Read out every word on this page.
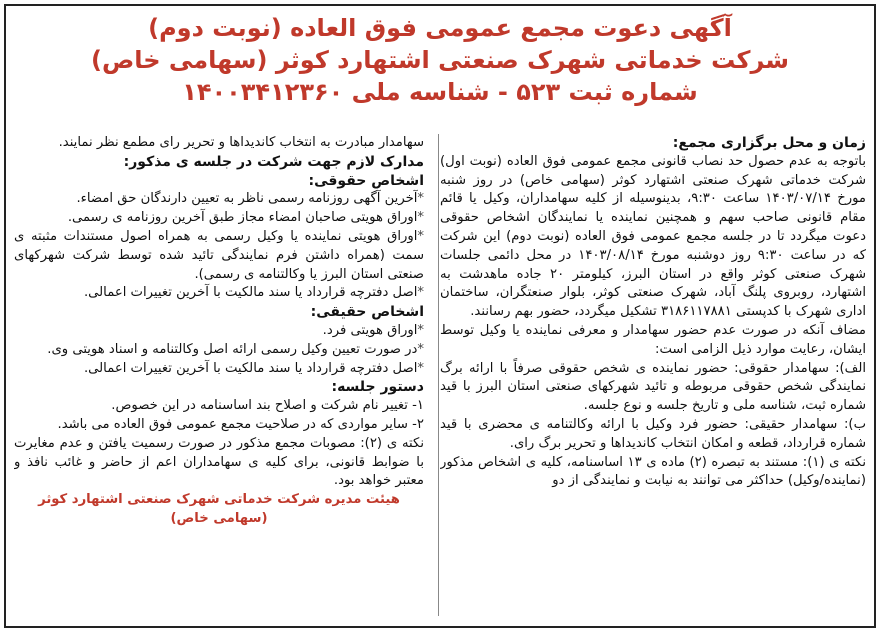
آگهی دعوت مجمع عمومی فوق العاده (نوبت دوم)
شرکت خدماتی شهرک صنعتی اشتهارد کوثر (سهامی خاص)
شماره ثبت ۵۲۳ - شناسه ملی ۱۴۰۰۳۴۱۲۳۶۰

زمان و محل برگزاری مجمع:

باتوجه به عدم حصول حد نصاب قانونی مجمع عمومی فوق العاده (نوبت اول) شرکت خدماتی شهرک صنعتی اشتهارد کوثر (سهامی خاص) در روز شنبه مورخ ۱۴۰۳/۰۷/۱۴ ساعت ۹:۳۰، بدینوسیله از کلیه سهامداران، وکیل یا قائم مقام قانونی صاحب سهم و همچنین نماینده یا نمایندگان اشخاص حقوقی دعوت میگردد تا در جلسه مجمع عمومی فوق العاده (نوبت دوم) این شرکت که در ساعت ۹:۳۰ روز دوشنبه مورخ ۱۴۰۳/۰۸/۱۴ در محل دائمی جلسات شهرک صنعتی کوثر واقع در استان البرز، کیلومتر ۲۰ جاده ماهدشت به اشتهارد، روبروی پلنگ آباد، شهرک صنعتی کوثر، بلوار صنعتگران، ساختمان اداری شهرک با کدپستی ۳۱۸۶۱۱۷۸۸۱ تشکیل میگردد، حضور بهم رسانند.

مضاف آنکه در صورت عدم حضور سهامدار و معرفی نماینده یا وکیل توسط ایشان، رعایت موارد ذیل الزامی است:

الف): سهامدار حقوقی: حضور نماینده ی شخص حقوقی صرفاً با ارائه برگ نمایندگی شخص حقوقی مربوطه و تائید شهرکهای صنعتی استان البرز با قید شماره ثبت، شناسه ملی و تاریخ جلسه و نوع جلسه.

ب): سهامدار حقیقی: حضور فرد وکیل با ارائه وکالتنامه ی محضری با قید شماره قرارداد، قطعه و امکان انتخاب کاندیداها و تحریر برگ رای.

نکته ی (۱): مستند به تبصره (۲) ماده ی ۱۳ اساسنامه، کلیه ی اشخاص مذکور (نماینده/وکیل) حداکثر می توانند به نیابت و نمایندگی از دو

سهامدار مبادرت به انتخاب کاندیداها و تحریر رای مطمع نظر نمایند.

مدارک لازم جهت شرکت در جلسه ی مذکور:

اشخاص حقوقی:

*آخرین آگهی روزنامه رسمی ناظر به تعیین دارندگان حق امضاء.

*اوراق هویتی صاحبان امضاء مجاز طبق آخرین روزنامه ی رسمی.

*اوراق هویتی نماینده یا وکیل رسمی به همراه اصول مستندات مثبته ی سمت (همراه داشتن فرم نمایندگی تائید شده توسط شرکت شهرکهای صنعتی استان البرز یا وکالتنامه ی رسمی).

*اصل دفترچه قرارداد یا سند مالکیت با آخرین تغییرات اعمالی.

اشخاص حقیقی:

*اوراق هویتی فرد.

*در صورت تعیین وکیل رسمی ارائه اصل وکالتنامه و اسناد هویتی وی.

*اصل دفترچه قرارداد یا سند مالکیت با آخرین تغییرات اعمالی.

دستور جلسه:

۱- تغییر نام شرکت و اصلاح بند اساسنامه در این خصوص.

۲- سایر مواردی که در صلاحیت مجمع عمومی فوق العاده می باشد.

نکته ی (۲): مصوبات مجمع مذکور در صورت رسمیت یافتن و عدم مغایرت با ضوابط قانونی، برای کلیه ی سهامداران اعم از حاضر و غائب نافذ و معتبر خواهد بود.

هیئت مدیره شرکت خدماتی شهرک صنعتی اشتهارد کوثر (سهامی خاص)
